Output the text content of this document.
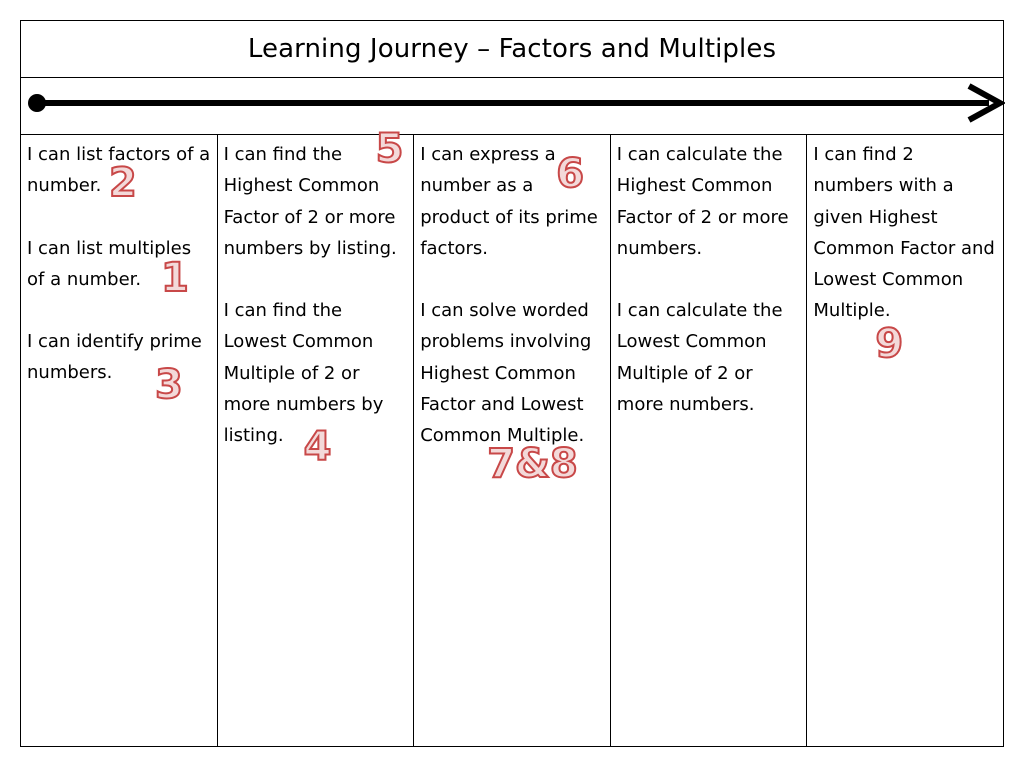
Learning Journey – Factors and Multiples

I can list factors of a number.

I can list multiples of a number.

I can identify prime numbers.

2
1
3

I can find the Highest Common Factor of 2 or more numbers by listing.

I can find the Lowest Common Multiple of 2 or more numbers by listing.

5
4

I can express a number as a product of its prime factors.

I can solve worded problems involving Highest Common Factor and Lowest Common Multiple.

6
7&8

I can calculate the Highest Common Factor of 2 or more numbers.

I can calculate the Lowest Common Multiple of 2 or more numbers.

I can find 2 numbers with a given Highest Common Factor and Lowest Common Multiple.

9
